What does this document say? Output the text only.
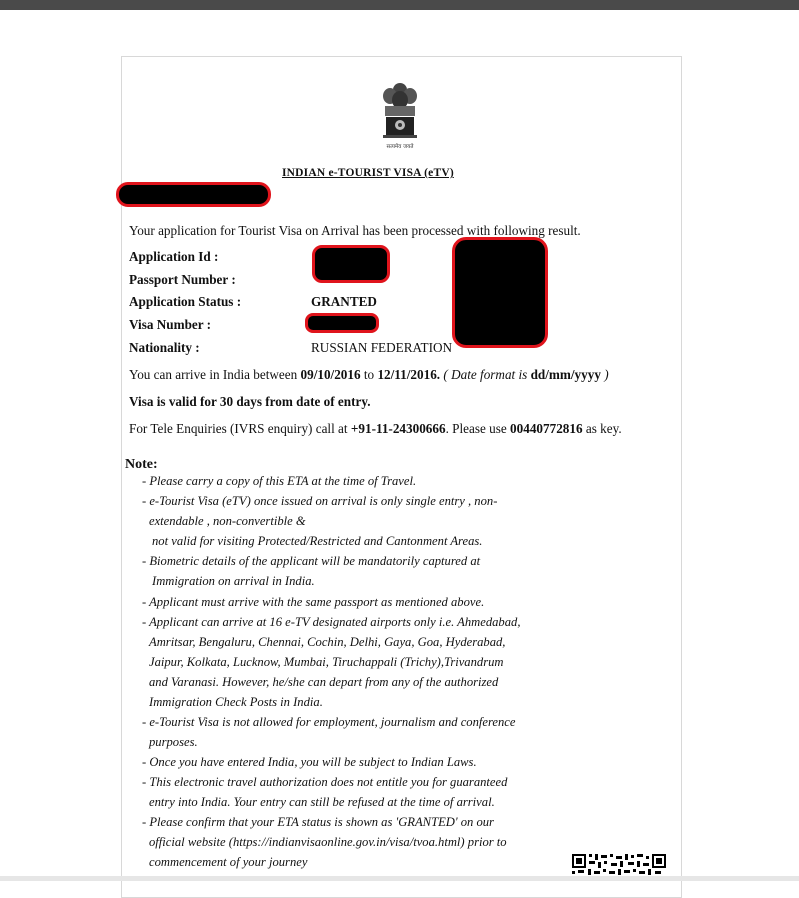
सत्यमेव जयते
INDIAN e-TOURIST VISA (eTV)
Your application for Tourist Visa on Arrival has been processed with following result.
Application Id :
Passport Number :
Application Status :	GRANTED
Visa Number :
Nationality :	RUSSIAN FEDERATION
You can arrive in India between 09/10/2016 to 12/11/2016. ( Date format is dd/mm/yyyy )
Visa is valid for 30 days from date of entry.
For Tele Enquiries (IVRS enquiry) call at +91-11-24300666. Please use 00440772816 as key.
Note:
- Please carry a copy of this ETA at the time of Travel.
- e-Tourist Visa (eTV) once issued on arrival is only single entry , non-
extendable , non-convertible &
not valid for visiting Protected/Restricted and Cantonment Areas.
- Biometric details of the applicant will be mandatorily captured at
Immigration on arrival in India.
- Applicant must arrive with the same passport as mentioned above.
- Applicant can arrive at 16 e-TV designated airports only i.e. Ahmedabad,
Amritsar, Bengaluru, Chennai, Cochin, Delhi, Gaya, Goa, Hyderabad,
Jaipur, Kolkata, Lucknow, Mumbai, Tiruchappali (Trichy),Trivandrum
and Varanasi. However, he/she can depart from any of the authorized
Immigration Check Posts in India.
- e-Tourist Visa is not allowed for employment, journalism and conference
purposes.
- Once you have entered India, you will be subject to Indian Laws.
- This electronic travel authorization does not entitle you for guaranteed
entry into India. Your entry can still be refused at the time of arrival.
- Please confirm that your ETA status is shown as 'GRANTED' on our
official website (https://indianvisaonline.gov.in/visa/tvoa.html) prior to
commencement of your journey
